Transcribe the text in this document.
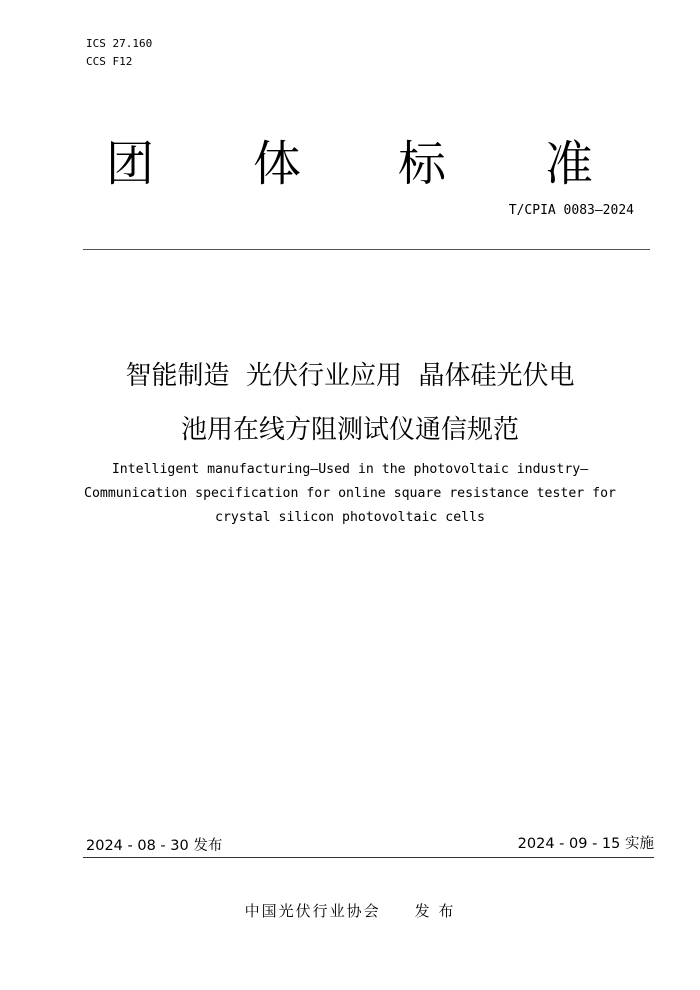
ICS 27.160
CCS F12
团 体 标 准
T/CPIA 0083—2024
智能制造  光伏行业应用  晶体硅光伏电
池用在线方阻测试仪通信规范
Intelligent manufacturing—Used in the photovoltaic industry—
Communication specification for online square resistance tester for
crystal silicon photovoltaic cells
2024 - 08 - 30 发布	2024 - 09 - 15 实施
中国光伏行业协会 发 布
